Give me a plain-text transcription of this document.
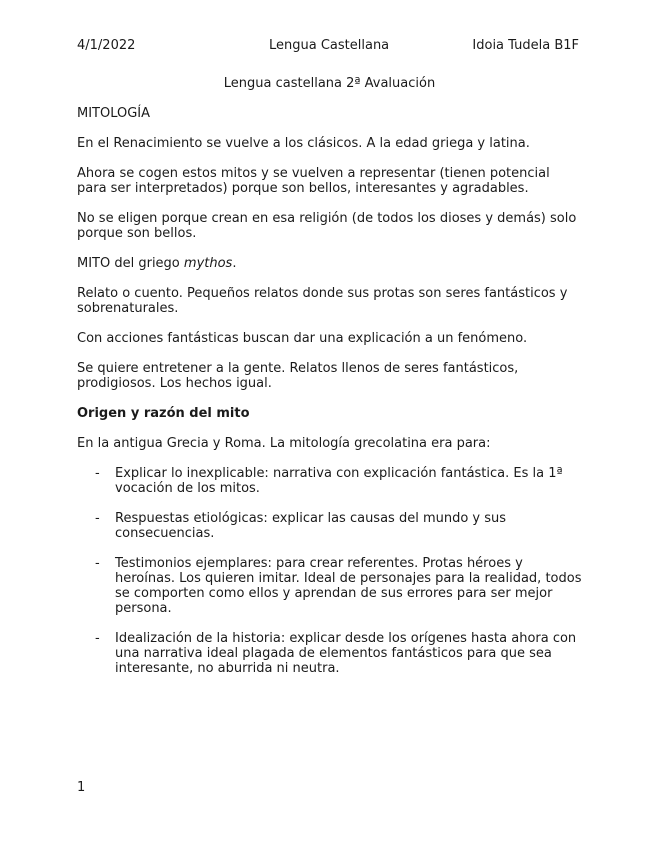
4/1/2022	Lengua Castellana	Idoia Tudela B1F

Lengua castellana 2ª Avaluación

MITOLOGÍA

En el Renacimiento se vuelve a los clásicos. A la edad griega y latina.

Ahora se cogen estos mitos y se vuelven a representar (tienen potencial para ser interpretados) porque son bellos, interesantes y agradables.

No se eligen porque crean en esa religión (de todos los dioses y demás) solo porque son bellos.

MITO del griego mythos.

Relato o cuento. Pequeños relatos donde sus protas son seres fantásticos y sobrenaturales.

Con acciones fantásticas buscan dar una explicación a un fenómeno.

Se quiere entretener a la gente. Relatos llenos de seres fantásticos, prodigiosos. Los hechos igual.

Origen y razón del mito

En la antigua Grecia y Roma. La mitología grecolatina era para:

- Explicar lo inexplicable: narrativa con explicación fantástica. Es la 1ª vocación de los mitos.
- Respuestas etiológicas: explicar las causas del mundo y sus consecuencias.
- Testimonios ejemplares: para crear referentes. Protas héroes y heroínas. Los quieren imitar. Ideal de personajes para la realidad, todos se comporten como ellos y aprendan de sus errores para ser mejor persona.
- Idealización de la historia: explicar desde los orígenes hasta ahora con una narrativa ideal plagada de elementos fantásticos para que sea interesante, no aburrida ni neutra.
1
